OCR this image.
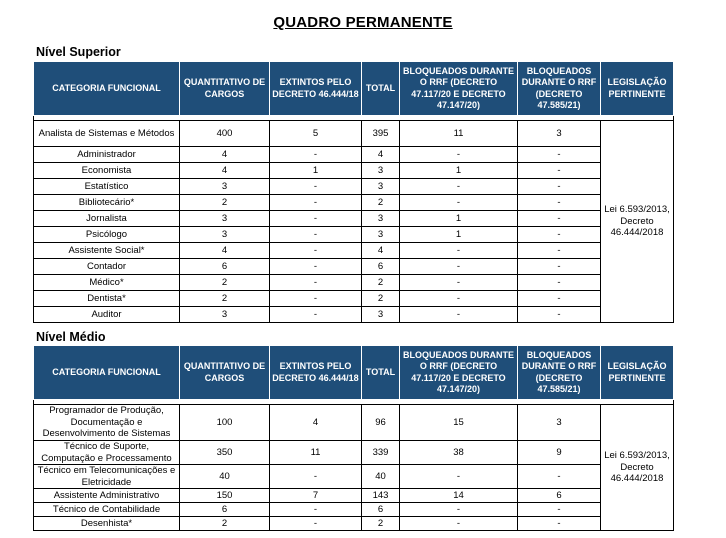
QUADRO PERMANENTE
Nível Superior
CATEGORIA FUNCIONAL	QUANTITATIVO DE CARGOS	EXTINTOS PELO DECRETO 46.444/18	TOTAL	BLOQUEADOS DURANTE O RRF (DECRETO 47.117/20 E DECRETO 47.147/20)	BLOQUEADOS DURANTE O RRF (DECRETO 47.585/21)	LEGISLAÇÃO PERTINENTE

Analista de Sistemas e Métodos	400	5	395	11	3	Lei 6.593/2013, Decreto 46.444/2018
Administrador	4	-	4	-	-	
Economista	4	1	3	1	-	
Estatístico	3	-	3	-	-	
Bibliotecário*	2	-	2	-	-	
Jornalista	3	-	3	1	-	
Psicólogo	3	-	3	1	-	
Assistente Social*	4	-	4	-	-	
Contador	6	-	6	-	-	
Médico*	2	-	2	-	-	
Dentista*	2	-	2	-	-	
Auditor	3	-	3	-	-	
Nível Médio
CATEGORIA FUNCIONAL	QUANTITATIVO DE CARGOS	EXTINTOS PELO DECRETO 46.444/18	TOTAL	BLOQUEADOS DURANTE O RRF (DECRETO 47.117/20 E DECRETO 47.147/20)	BLOQUEADOS DURANTE O RRF (DECRETO 47.585/21)	LEGISLAÇÃO PERTINENTE

Programador de Produção, Documentação e Desenvolvimento de Sistemas	100	4	96	15	3	Lei 6.593/2013, Decreto 46.444/2018
Técnico de Suporte, Computação e Processamento	350	11	339	38	9	
Técnico em Telecomunicações e Eletricidade	40	-	40	-	-	
Assistente Administrativo	150	7	143	14	6	
Técnico de Contabilidade	6	-	6	-	-	
Desenhista*	2	-	2	-	-	
